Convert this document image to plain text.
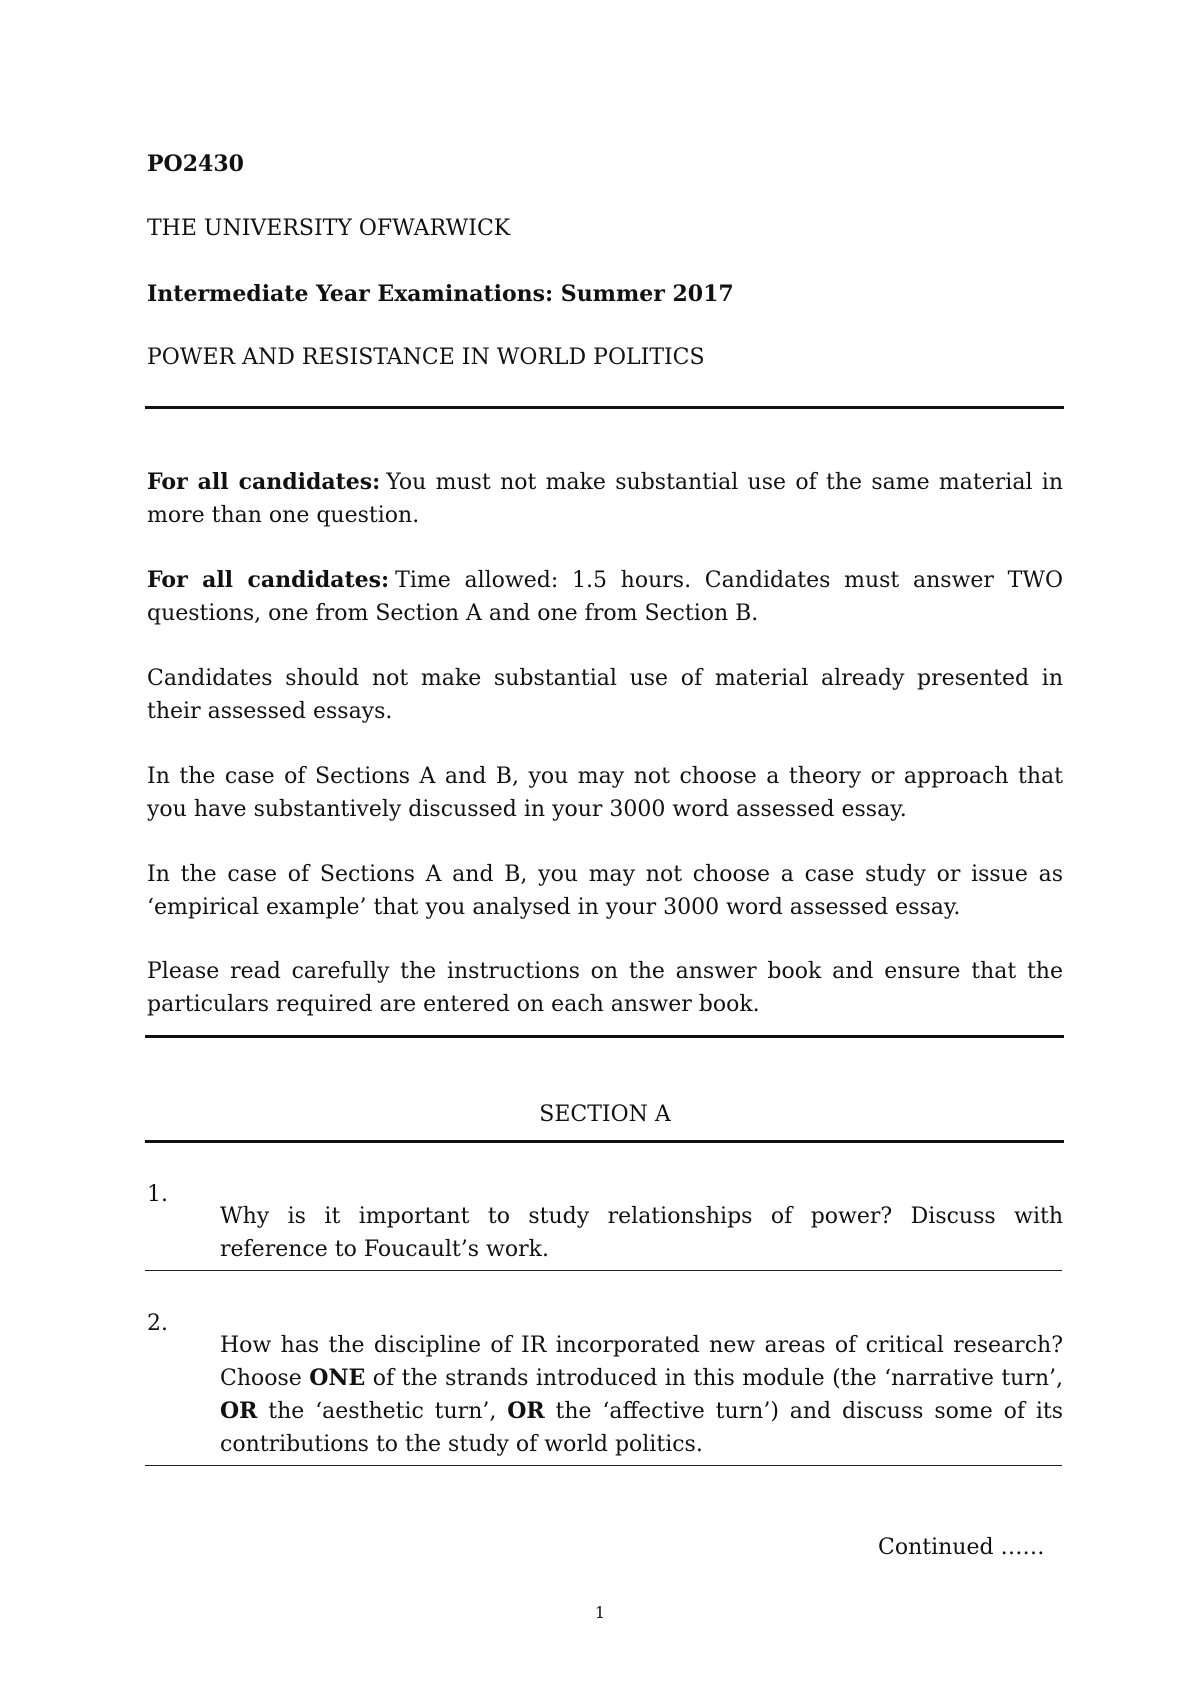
PO2430

THE UNIVERSITY OFWARWICK

Intermediate Year Examinations: Summer 2017

POWER AND RESISTANCE IN WORLD POLITICS

For all candidates: You must not make substantial use of the same material in more than one question.

For all candidates: Time allowed: 1.5 hours. Candidates must answer TWO questions, one from Section A and one from Section B.

Candidates should not make substantial use of material already presented in their assessed essays.

In the case of Sections A and B, you may not choose a theory or approach that you have substantively discussed in your 3000 word assessed essay.

In the case of Sections A and B, you may not choose a case study or issue as ‘empirical example’ that you analysed in your 3000 word assessed essay.

Please read carefully the instructions on the answer book and ensure that the particulars required are entered on each answer book.

SECTION A

1.

Why is it important to study relationships of power? Discuss with reference to Foucault’s work.

2.

How has the discipline of IR incorporated new areas of critical research? Choose ONE of the strands introduced in this module (the ‘narrative turn’, OR the ‘aesthetic turn’, OR the ‘affective turn’) and discuss some of its contributions to the study of world politics.

Continued ……

1
